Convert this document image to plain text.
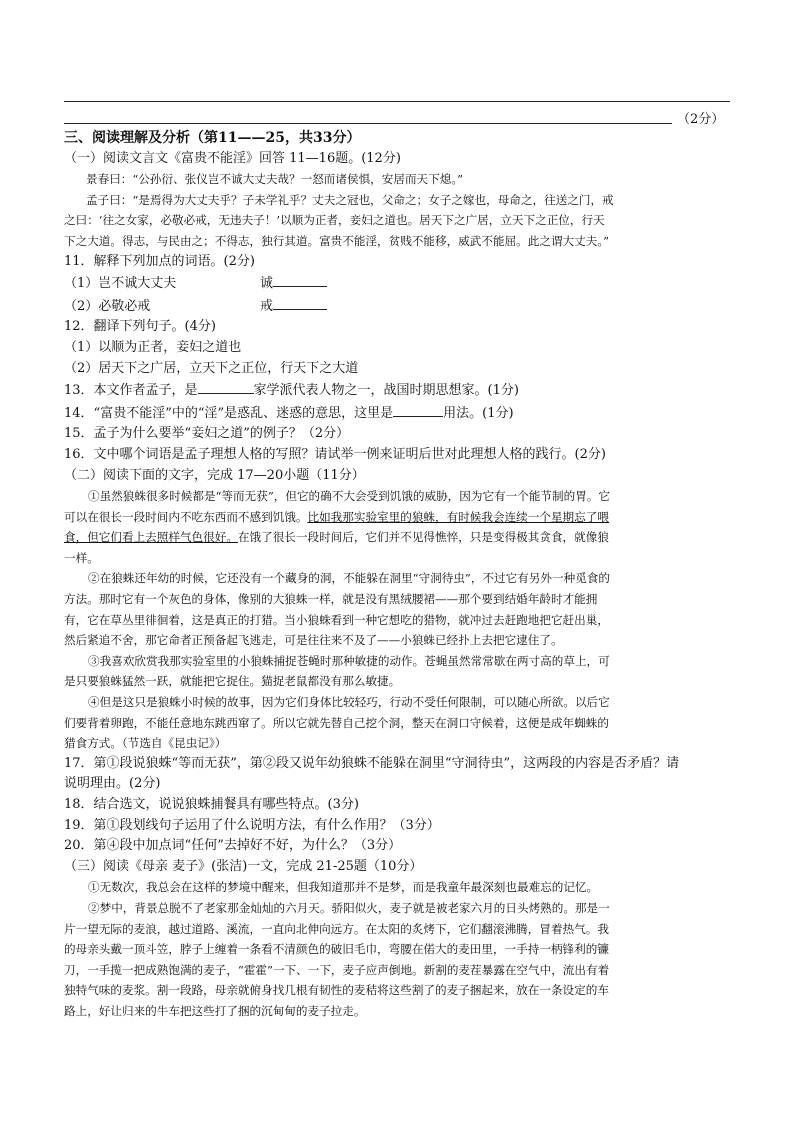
（2分）
三、阅读理解及分析（第11——25，共33分）
（一）阅读文言文《富贵不能淫》回答 11—16题。(12分)
景春曰：“公孙衍、张仪岂不诚大丈夫哉？一怒而诸侯惧，安居而天下熄。”
孟子曰：“是焉得为大丈夫乎？子未学礼乎？丈夫之冠也，父命之；女子之嫁也，母命之，往送之门，戒
之曰：‘往之女家，必敬必戒，无违夫子！’以顺为正者，妾妇之道也。居天下之广居，立天下之正位，行天
下之大道。得志，与民由之；不得志，独行其道。富贵不能淫，贫贱不能移，威武不能屈。此之谓大丈夫。”
11．解释下列加点的词语。(2分)
（1）岂不诚大丈夫	诚
（2）必敬必戒	戒
12．翻译下列句子。(4分)
（1）以顺为正者，妾妇之道也
（2）居天下之广居，立天下之正位，行天下之大道
13．本文作者孟子，是	家学派代表人物之一，战国时期思想家。(1分)
14．“富贵不能淫”中的“淫”是惑乱、迷惑的意思，这里是	用法。(1分)
15．孟子为什么要举“妾妇之道”的例子？（2分）
16．文中哪个词语是孟子理想人格的写照？请试举一例来证明后世对此理想人格的践行。(2分)
（二）阅读下面的文字，完成 17—20小题（11分）
①虽然狼蛛很多时候都是“等而无获”，但它的确不大会受到饥饿的威胁，因为它有一个能节制的胃。它
可以在很长一段时间内不吃东西而不感到饥饿。比如我那实验室里的狼蛛，有时候我会连续一个星期忘了喂
食，但它们看上去照样气色很好。在饿了很长一段时间后，它们并不见得憔悴，只是变得极其贪食，就像狼
一样。
②在狼蛛还年幼的时候，它还没有一个藏身的洞，不能躲在洞里“守洞待虫”，不过它有另外一种觅食的
方法。那时它有一个灰色的身体，像别的大狼蛛一样，就是没有黑绒腰裙——那个要到结婚年龄时才能拥
有，它在草丛里徘徊着，这是真正的打猎。当小狼蛛看到一种它想吃的猎物，就冲过去赶跑地把它赶出巢，
然后紧追不舍，那它命者正预备起飞逃走，可是往往来不及了——小狼蛛已经扑上去把它逮住了。
③我喜欢欣赏我那实验室里的小狼蛛捕捉苍蝇时那种敏捷的动作。苍蝇虽然常常歇在两寸高的草上，可
是只要狼蛛猛然一跃，就能把它捉住。猫捉老鼠都没有那么敏捷。
④但是这只是狼蛛小时候的故事，因为它们身体比较轻巧，行动不受任何限制，可以随心所欲。以后它
们要背着卵跑，不能任意地东跳西窜了。所以它就先替自己挖个洞，整天在洞口守候着，这便是成年蜘蛛的
猎食方式。（节选自《昆虫记》）
17．第①段说狼蛛“等而无获”，第②段又说年幼狼蛛不能躲在洞里“守洞待虫”，这两段的内容是否矛盾？请
说明理由。(2分)
18．结合选文，说说狼蛛捕餐具有哪些特点。(3分)
19．第①段划线句子运用了什么说明方法，有什么作用？（3分）
20．第④段中加点词“任何”去掉好不好，为什么？（3分）
（三）阅读《母亲 麦子》(张洁)一文，完成 21-25题（10分）
①无数次，我总会在这样的梦境中醒来，但我知道那并不是梦，而是我童年最深刻也最难忘的记忆。
②梦中，背景总脱不了老家那金灿灿的六月天。骄阳似火，麦子就是被老家六月的日头烤熟的。那是一
片一望无际的麦浪，越过道路、溪流，一直向北伸向远方。在太阳的炙烤下，它们翻滚沸腾，冒着热气。我
的母亲头戴一顶斗笠，脖子上缠着一条看不清颜色的破旧毛巾，弯腰在偌大的麦田里，一手持一柄锋利的镰
刀，一手揽一把成熟饱满的麦子，“霍霍”一下、一下，麦子应声倒地。新割的麦茬暴露在空气中，流出有着
独特气味的麦浆。割一段路，母亲就俯身找几根有韧性的麦秸将这些割了的麦子捆起来，放在一条设定的车
路上，好让归来的牛车把这些打了捆的沉甸甸的麦子拉走。
